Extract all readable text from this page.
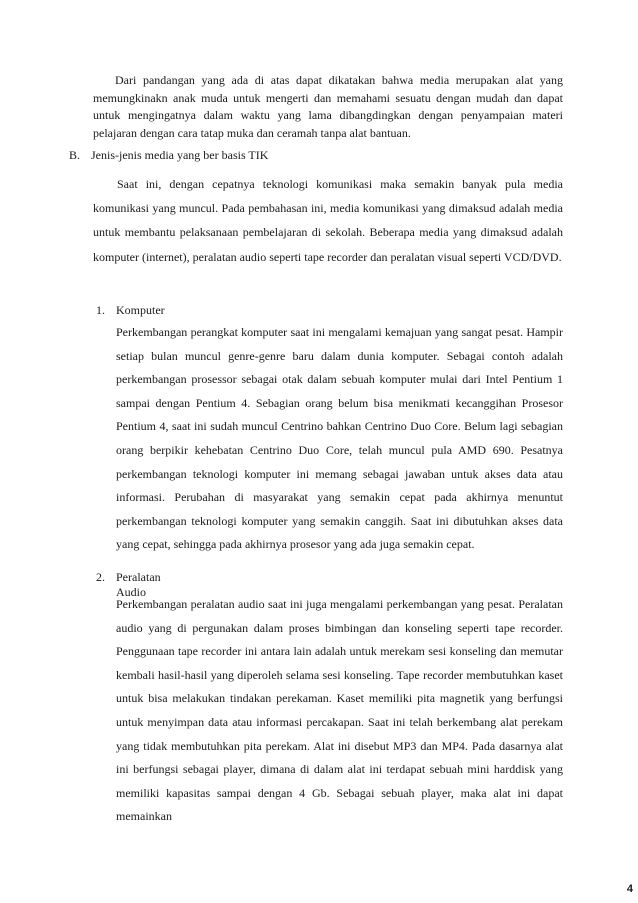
Dari pandangan yang ada di atas dapat dikatakan bahwa media merupakan alat yang memungkinakn anak muda untuk mengerti dan memahami sesuatu dengan mudah dan dapat untuk mengingatnya dalam waktu yang lama dibangdingkan dengan penyampaian materi pelajaran dengan cara tatap muka dan ceramah tanpa alat bantuan.

B. Jenis-jenis media yang ber basis TIK

Saat ini, dengan cepatnya teknologi komunikasi maka semakin banyak pula media komunikasi yang muncul. Pada pembahasan ini, media komunikasi yang dimaksud adalah media untuk membantu pelaksanaan pembelajaran di sekolah. Beberapa media yang dimaksud adalah komputer (internet), peralatan audio seperti tape recorder dan peralatan visual seperti VCD/DVD.

1. Komputer

Perkembangan perangkat komputer saat ini mengalami kemajuan yang sangat pesat. Hampir setiap bulan muncul genre-genre baru dalam dunia komputer. Sebagai contoh adalah perkembangan prosessor sebagai otak dalam sebuah komputer mulai dari Intel Pentium 1 sampai dengan Pentium 4. Sebagian orang belum bisa menikmati kecanggihan Prosesor Pentium 4, saat ini sudah muncul Centrino bahkan Centrino Duo Core. Belum lagi sebagian orang berpikir kehebatan Centrino Duo Core, telah muncul pula AMD 690. Pesatnya perkembangan teknologi komputer ini memang sebagai jawaban untuk akses data atau informasi. Perubahan di masyarakat yang semakin cepat pada akhirnya menuntut perkembangan teknologi komputer yang semakin canggih. Saat ini dibutuhkan akses data yang cepat, sehingga pada akhirnya prosesor yang ada juga semakin cepat.

2. Peralatan Audio

Perkembangan peralatan audio saat ini juga mengalami perkembangan yang pesat. Peralatan audio yang di pergunakan dalam proses bimbingan dan konseling seperti tape recorder. Penggunaan tape recorder ini antara lain adalah untuk merekam sesi konseling dan memutar kembali hasil-hasil yang diperoleh selama sesi konseling. Tape recorder membutuhkan kaset untuk bisa melakukan tindakan perekaman. Kaset memiliki pita magnetik yang berfungsi untuk menyimpan data atau informasi percakapan. Saat ini telah berkembang alat perekam yang tidak membutuhkan pita perekam. Alat ini disebut MP3 dan MP4. Pada dasarnya alat ini berfungsi sebagai player, dimana di dalam alat ini terdapat sebuah mini harddisk yang memiliki kapasitas sampai dengan 4 Gb. Sebagai sebuah player, maka alat ini dapat memainkan

4
